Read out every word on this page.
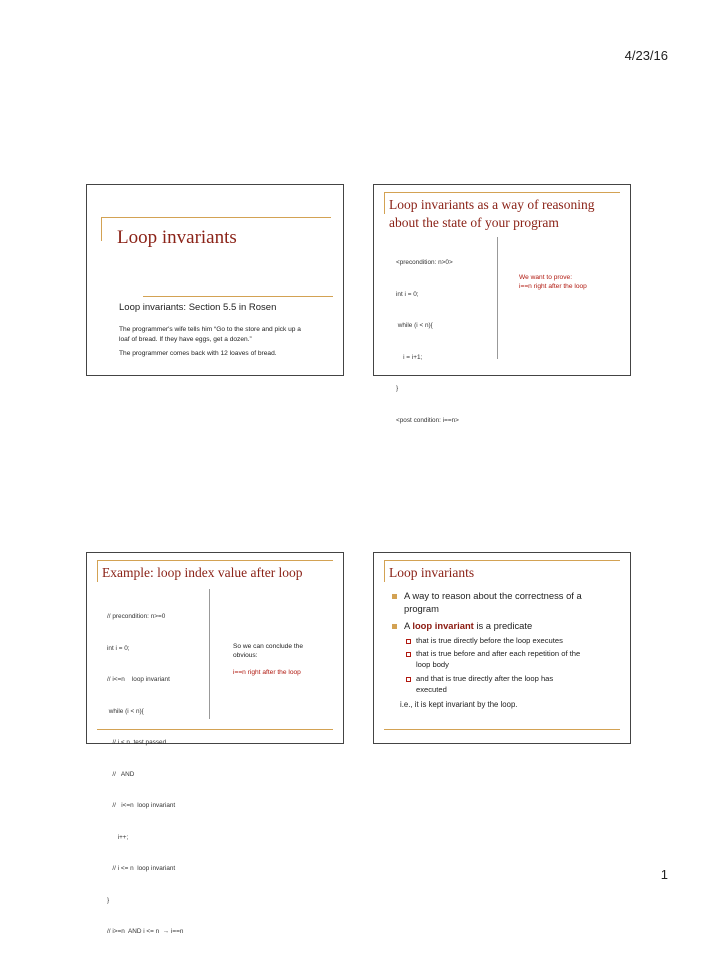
4/23/16
Loop invariants
Loop invariants: Section 5.5 in Rosen
The programmer's wife tells him “Go to the store and pick up a
loaf of bread. If they have eggs, get a dozen.”
The programmer comes back with 12 loaves of bread.
Loop invariants as a way of reasoning
about the state of your program

<precondition: n>0>

int i = 0;

while (i < n){

i = i+1;

}

<post condition: i==n>

We want to prove:
i==n right after the loop
Example: loop index value after loop

// precondition: n>=0

int i = 0;

// i<=n    loop invariant

while (i < n){

// i < n  test passed

//   AND

//   i<=n  loop invariant

i++;

// i <= n  loop invariant

}

// i>=n  AND i <= n  → i==n

So we can conclude the
obvious:
i==n right after the loop
Loop invariants
A way to reason about the correctness of a
program
A loop invariant is a predicate
that is true directly before the loop executes
that is true before and after each repetition of the
loop body
and that is true directly after the loop has
executed
i.e., it is kept invariant by the loop.
1
